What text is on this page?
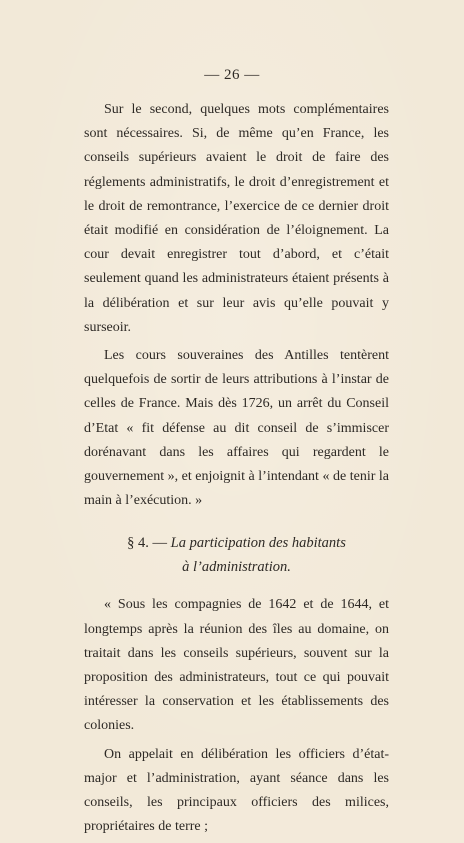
— 26 —

Sur le second, quelques mots complémentaires sont nécessaires. Si, de même qu’en France, les conseils supérieurs avaient le droit de faire des réglements administratifs, le droit d’enregistrement et le droit de remontrance, l’exercice de ce dernier droit était modifié en considération de l’éloignement. La cour devait enregistrer tout d’abord, et c’était seulement quand les administrateurs étaient présents à la délibération et sur leur avis qu’elle pouvait y surseoir.

Les cours souveraines des Antilles tentèrent quelquefois de sortir de leurs attributions à l’instar de celles de France. Mais dès 1726, un arrêt du Conseil d’Etat « fit défense au dit conseil de s’immiscer dorénavant dans les affaires qui regardent le gouvernement », et enjoignit à l’intendant « de tenir la main à l’exécution. »

§ 4. — La participation des habitants
à l’administration.

« Sous les compagnies de 1642 et de 1644, et longtemps après la réunion des îles au domaine, on traitait dans les conseils supérieurs, souvent sur la proposition des administrateurs, tout ce qui pouvait intéresser la conservation et les établissements des colonies.

On appelait en délibération les officiers d’état-major et l’administration, ayant séance dans les conseils, les principaux officiers des milices, propriétaires de terre ;
